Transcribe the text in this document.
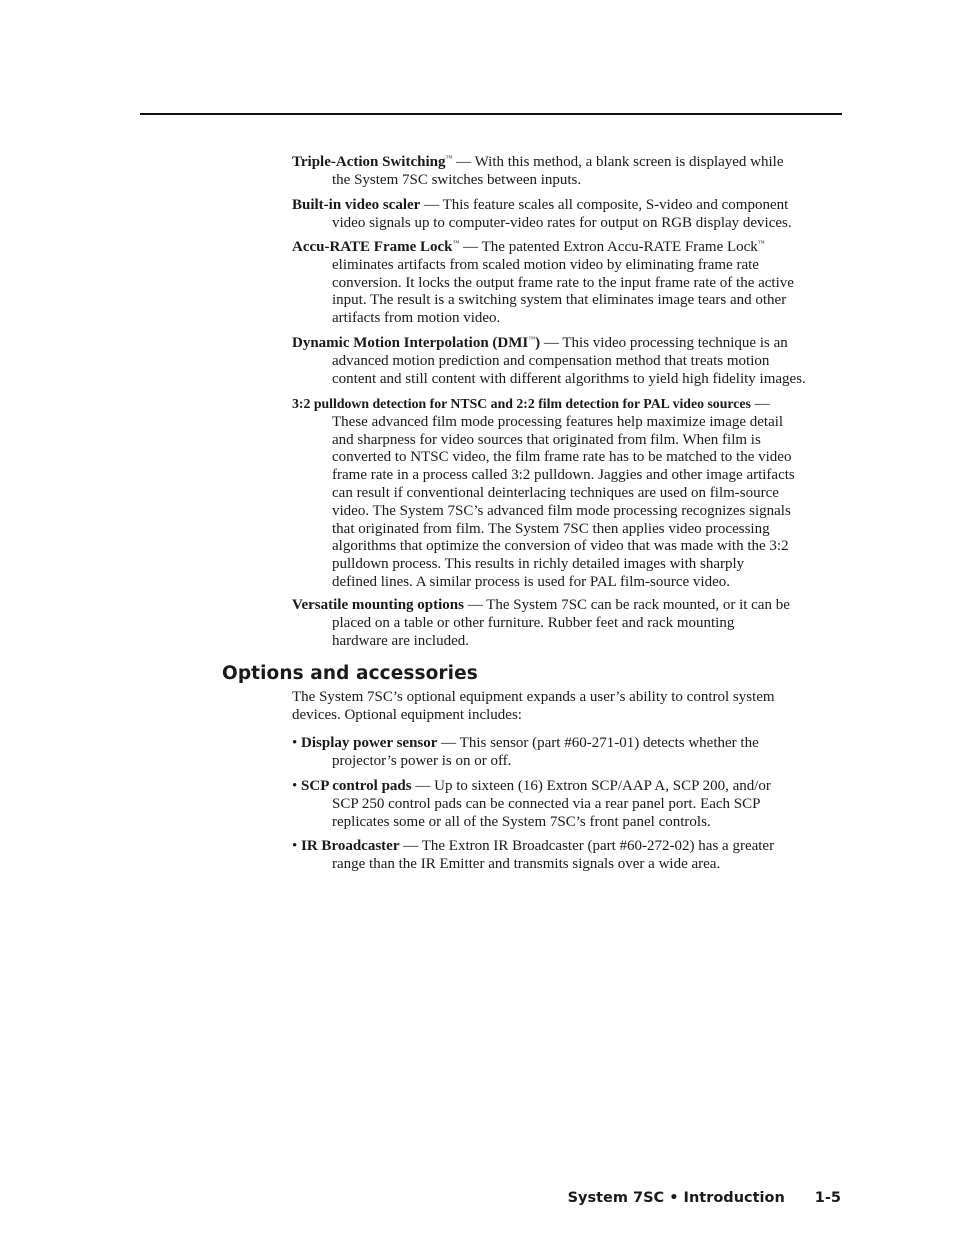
Triple-Action Switching™ — With this method, a blank screen is displayed while
the System 7SC switches between inputs.
Built-in video scaler — This feature scales all composite, S-video and component
video signals up to computer-video rates for output on RGB display devices.
Accu-RATE Frame Lock™ — The patented Extron Accu-RATE Frame Lock™
eliminates artifacts from scaled motion video by eliminating frame rate
conversion. It locks the output frame rate to the input frame rate of the active
input. The result is a switching system that eliminates image tears and other
artifacts from motion video.
Dynamic Motion Interpolation (DMI™) — This video processing technique is an
advanced motion prediction and compensation method that treats motion
content and still content with different algorithms to yield high fidelity images.
3:2 pulldown detection for NTSC and 2:2 film detection for PAL video sources —
These advanced film mode processing features help maximize image detail
and sharpness for video sources that originated from film. When film is
converted to NTSC video, the film frame rate has to be matched to the video
frame rate in a process called 3:2 pulldown. Jaggies and other image artifacts
can result if conventional deinterlacing techniques are used on film-source
video. The System 7SC’s advanced film mode processing recognizes signals
that originated from film. The System 7SC then applies video processing
algorithms that optimize the conversion of video that was made with the 3:2
pulldown process. This results in richly detailed images with sharply
defined lines. A similar process is used for PAL film-source video.
Versatile mounting options — The System 7SC can be rack mounted, or it can be
placed on a table or other furniture. Rubber feet and rack mounting
hardware are included.
Options and accessories
The System 7SC’s optional equipment expands a user’s ability to control system
devices. Optional equipment includes:
• Display power sensor — This sensor (part #60-271-01) detects whether the
projector’s power is on or off.
• SCP control pads — Up to sixteen (16) Extron SCP/AAP A, SCP 200, and/or
SCP 250 control pads can be connected via a rear panel port. Each SCP
replicates some or all of the System 7SC’s front panel controls.
• IR Broadcaster — The Extron IR Broadcaster (part #60-272-02) has a greater
range than the IR Emitter and transmits signals over a wide area.
System 7SC • Introduction 1-5
